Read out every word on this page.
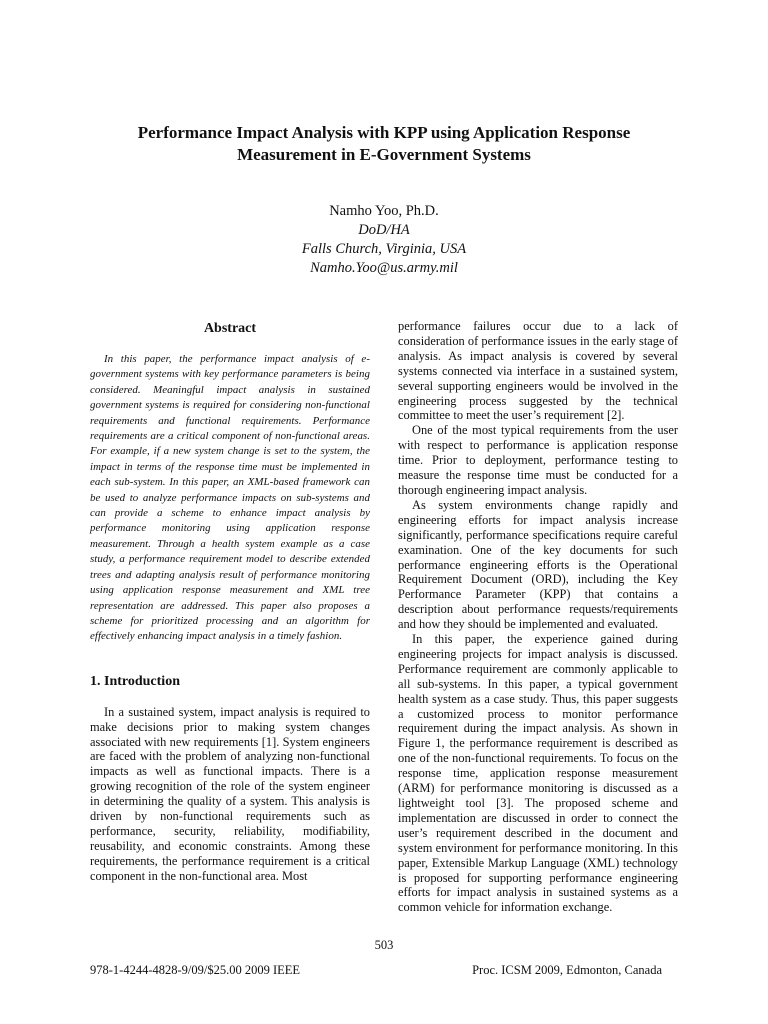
Performance Impact Analysis with KPP using Application Response
Measurement in E-Government Systems
Namho Yoo, Ph.D.
DoD/HA
Falls Church, Virginia, USA
Namho.Yoo@us.army.mil
Abstract

In this paper, the performance impact analysis of e-government systems with key performance parameters is being considered. Meaningful impact analysis in sustained government systems is required for considering non-functional requirements and functional requirements. Performance requirements are a critical component of non-functional areas. For example, if a new system change is set to the system, the impact in terms of the response time must be implemented in each sub-system. In this paper, an XML-based framework can be used to analyze performance impacts on sub-systems and can provide a scheme to enhance impact analysis by performance monitoring using application response measurement. Through a health system example as a case study, a performance requirement model to describe extended trees and adapting analysis result of performance monitoring using application response measurement and XML tree representation are addressed. This paper also proposes a scheme for prioritized processing and an algorithm for effectively enhancing impact analysis in a timely fashion.

1. Introduction

In a sustained system, impact analysis is required to make decisions prior to making system changes associated with new requirements [1]. System engineers are faced with the problem of analyzing non-functional impacts as well as functional impacts. There is a growing recognition of the role of the system engineer in determining the quality of a system. This analysis is driven by non-functional requirements such as performance, security, reliability, modifiability, reusability, and economic constraints. Among these requirements, the performance requirement is a critical component in the non-functional area. Most

performance failures occur due to a lack of consideration of performance issues in the early stage of analysis. As impact analysis is covered by several systems connected via interface in a sustained system, several supporting engineers would be involved in the engineering process suggested by the technical committee to meet the user’s requirement [2].

One of the most typical requirements from the user with respect to performance is application response time. Prior to deployment, performance testing to measure the response time must be conducted for a thorough engineering impact analysis.

As system environments change rapidly and engineering efforts for impact analysis increase significantly, performance specifications require careful examination. One of the key documents for such performance engineering efforts is the Operational Requirement Document (ORD), including the Key Performance Parameter (KPP) that contains a description about performance requests/requirements and how they should be implemented and evaluated.

In this paper, the experience gained during engineering projects for impact analysis is discussed. Performance requirement are commonly applicable to all sub-systems. In this paper, a typical government health system as a case study. Thus, this paper suggests a customized process to monitor performance requirement during the impact analysis. As shown in Figure 1, the performance requirement is described as one of the non-functional requirements. To focus on the response time, application response measurement (ARM) for performance monitoring is discussed as a lightweight tool [3]. The proposed scheme and implementation are discussed in order to connect the user’s requirement described in the document and system environment for performance monitoring. In this paper, Extensible Markup Language (XML) technology is proposed for supporting performance engineering efforts for impact analysis in sustained systems as a common vehicle for information exchange.

503
978-1-4244-4828-9/09/$25.00 2009 IEEE	Proc. ICSM 2009, Edmonton, Canada
